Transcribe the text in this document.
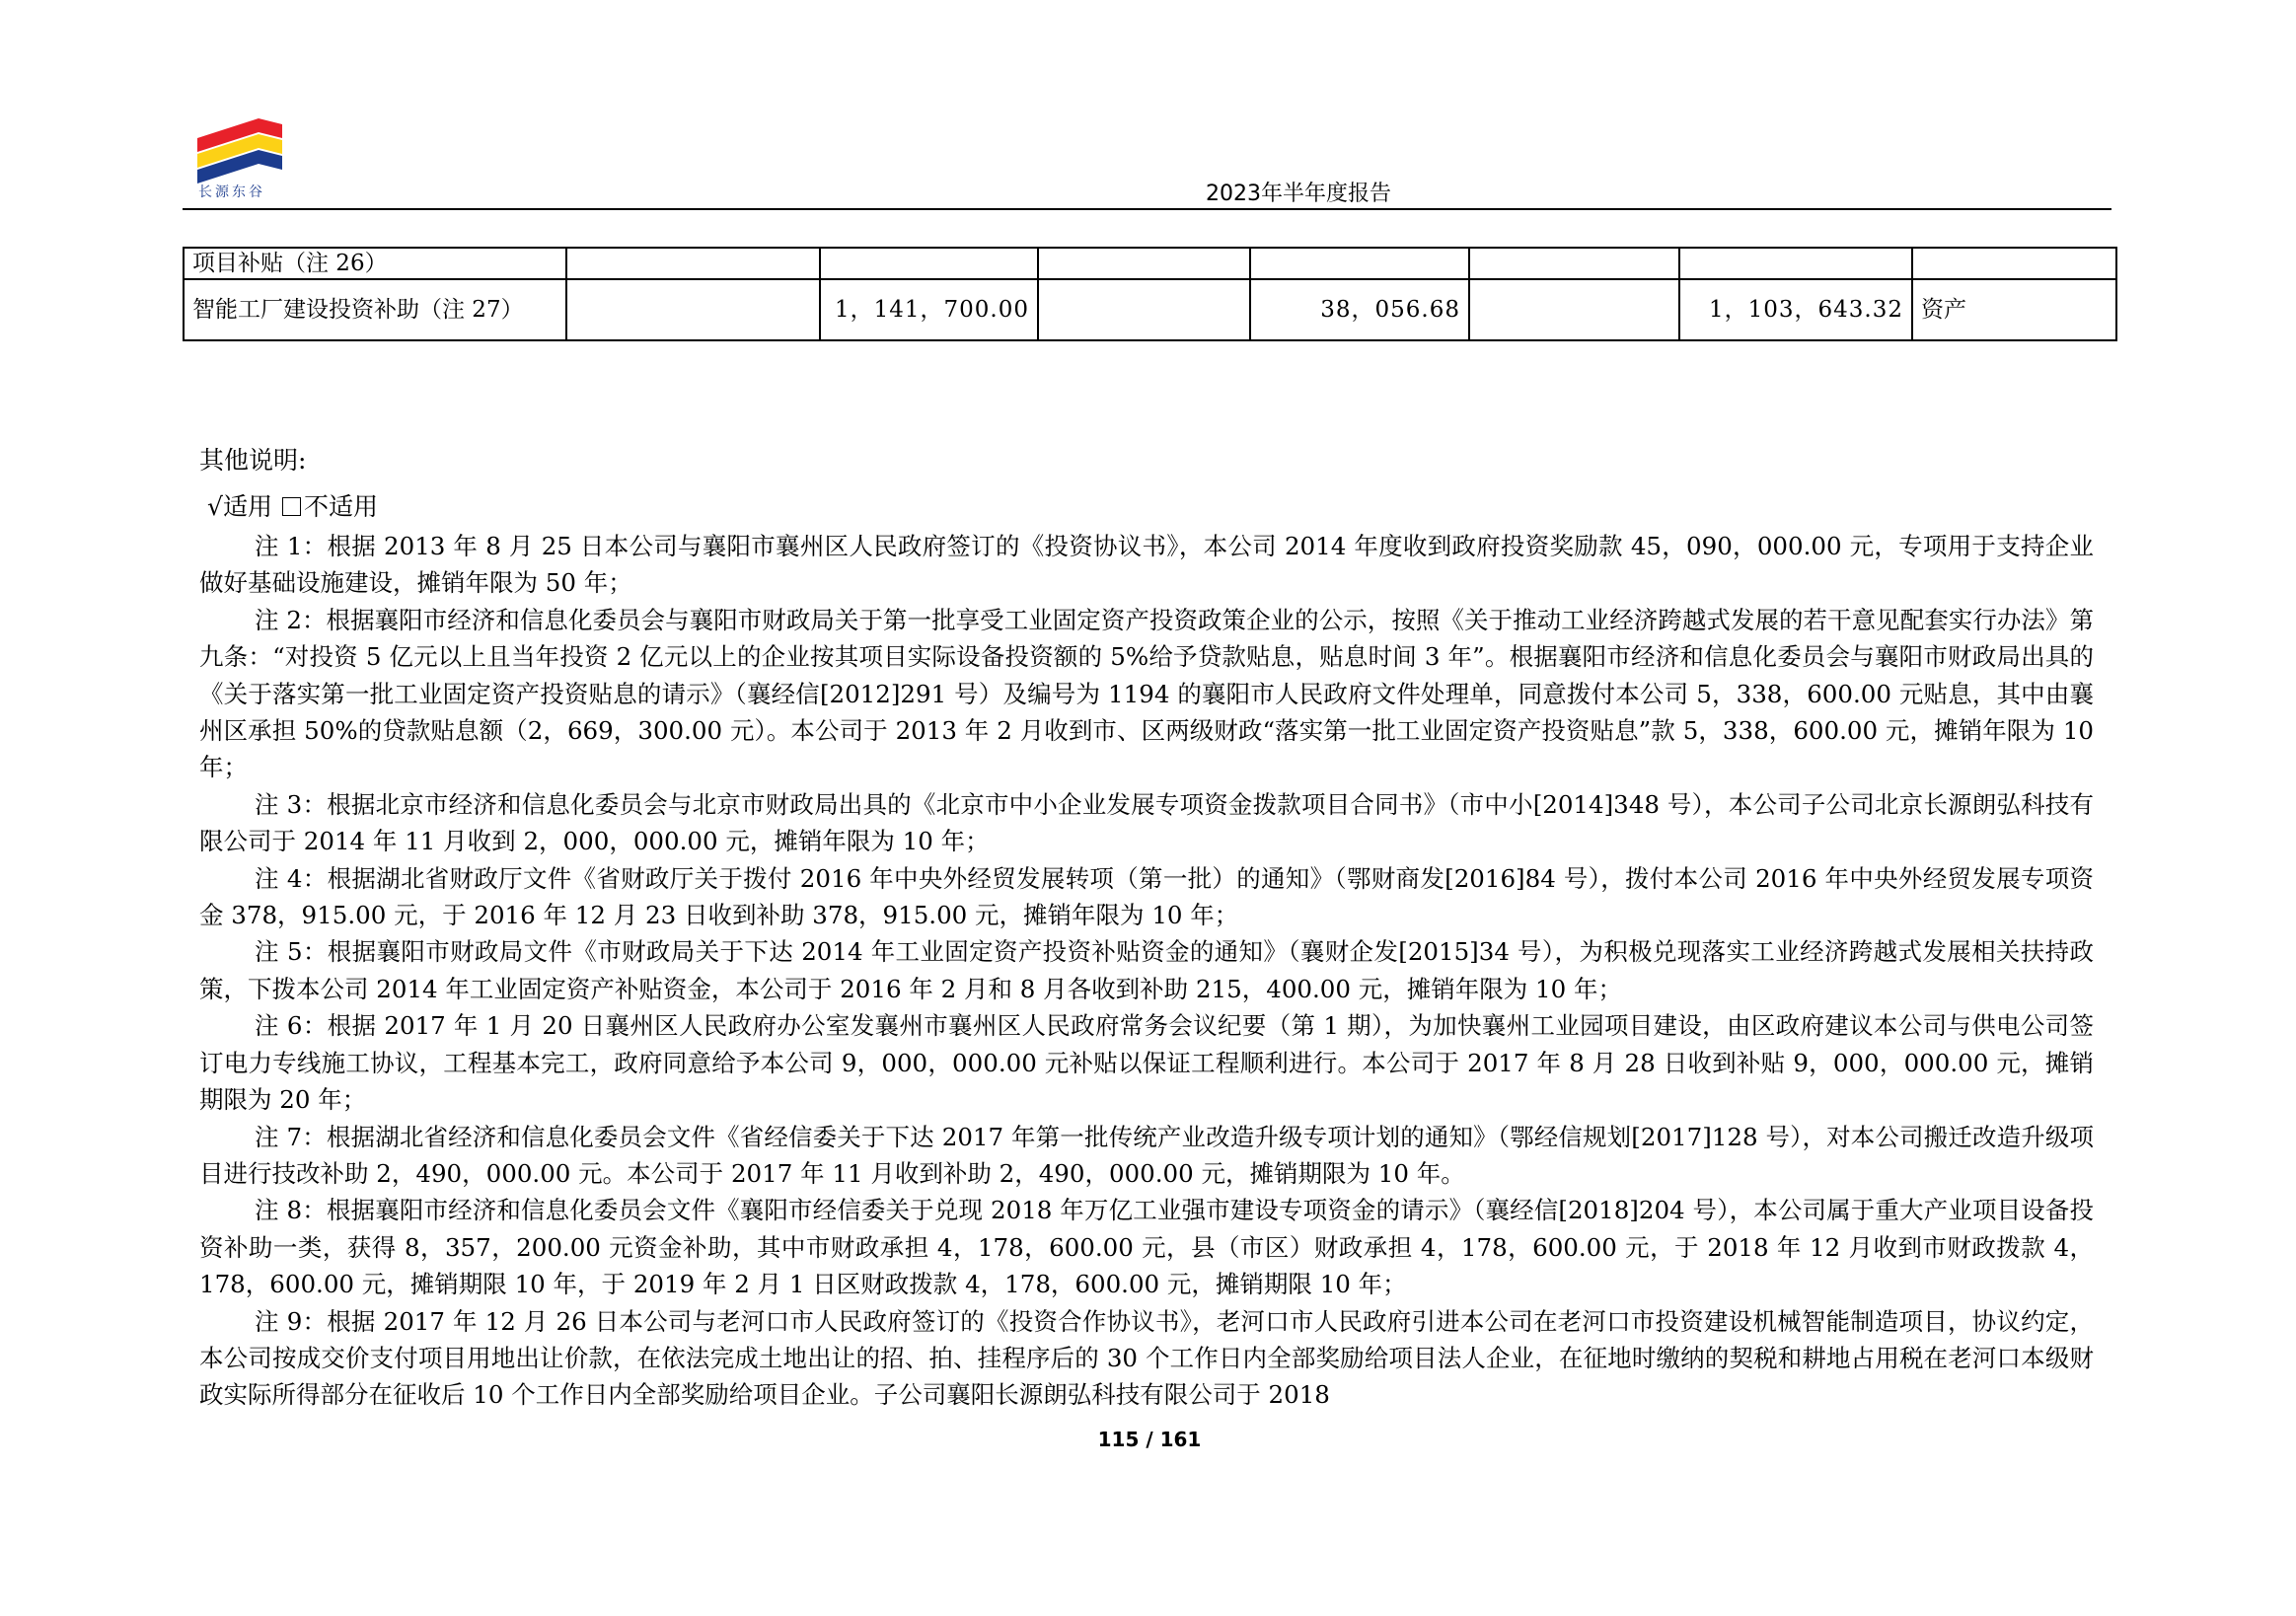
长源东谷	2023年半年度报告
项目补贴（注 26）							
智能工厂建设投资补助（注 27）		1，141，700.00		38，056.68		1，103，643.32	资产
其他说明:
√适用 不适用

注 1：根据 2013 年 8 月 25 日本公司与襄阳市襄州区人民政府签订的《投资协议书》，本公司 2014 年度收到政府投资奖励款 45，090，000.00 元，专项用于支持企业做好基础设施建设，摊销年限为 50 年；

注 2：根据襄阳市经济和信息化委员会与襄阳市财政局关于第一批享受工业固定资产投资政策企业的公示，按照《关于推动工业经济跨越式发展的若干意见配套实行办法》第九条：“对投资 5 亿元以上且当年投资 2 亿元以上的企业按其项目实际设备投资额的 5%给予贷款贴息，贴息时间 3 年”。根据襄阳市经济和信息化委员会与襄阳市财政局出具的《关于落实第一批工业固定资产投资贴息的请示》（襄经信[2012]291 号）及编号为 1194 的襄阳市人民政府文件处理单，同意拨付本公司 5，338，600.00 元贴息，其中由襄州区承担 50%的贷款贴息额（2，669，300.00 元）。本公司于 2013 年 2 月收到市、区两级财政“落实第一批工业固定资产投资贴息”款 5，338，600.00 元，摊销年限为 10 年；

注 3：根据北京市经济和信息化委员会与北京市财政局出具的《北京市中小企业发展专项资金拨款项目合同书》（市中小[2014]348 号），本公司子公司北京长源朗弘科技有限公司于 2014 年 11 月收到 2，000，000.00 元，摊销年限为 10 年；

注 4：根据湖北省财政厅文件《省财政厅关于拨付 2016 年中央外经贸发展转项（第一批）的通知》（鄂财商发[2016]84 号），拨付本公司 2016 年中央外经贸发展专项资金 378，915.00 元，于 2016 年 12 月 23 日收到补助 378，915.00 元，摊销年限为 10 年；

注 5：根据襄阳市财政局文件《市财政局关于下达 2014 年工业固定资产投资补贴资金的通知》（襄财企发[2015]34 号），为积极兑现落实工业经济跨越式发展相关扶持政策，下拨本公司 2014 年工业固定资产补贴资金，本公司于 2016 年 2 月和 8 月各收到补助 215，400.00 元，摊销年限为 10 年；

注 6：根据 2017 年 1 月 20 日襄州区人民政府办公室发襄州市襄州区人民政府常务会议纪要（第 1 期），为加快襄州工业园项目建设，由区政府建议本公司与供电公司签订电力专线施工协议，工程基本完工，政府同意给予本公司 9，000，000.00 元补贴以保证工程顺利进行。本公司于 2017 年 8 月 28 日收到补贴 9，000，000.00 元，摊销期限为 20 年；

注 7：根据湖北省经济和信息化委员会文件《省经信委关于下达 2017 年第一批传统产业改造升级专项计划的通知》（鄂经信规划[2017]128 号），对本公司搬迁改造升级项目进行技改补助 2，490，000.00 元。本公司于 2017 年 11 月收到补助 2，490，000.00 元，摊销期限为 10 年。

注 8：根据襄阳市经济和信息化委员会文件《襄阳市经信委关于兑现 2018 年万亿工业强市建设专项资金的请示》（襄经信[2018]204 号），本公司属于重大产业项目设备投资补助一类，获得 8，357，200.00 元资金补助，其中市财政承担 4，178，600.00 元，县（市区）财政承担 4，178，600.00 元，于 2018 年 12 月收到市财政拨款 4，178，600.00 元，摊销期限 10 年，于 2019 年 2 月 1 日区财政拨款 4，178，600.00 元，摊销期限 10 年；

注 9：根据 2017 年 12 月 26 日本公司与老河口市人民政府签订的《投资合作协议书》，老河口市人民政府引进本公司在老河口市投资建设机械智能制造项目，协议约定，本公司按成交价支付项目用地出让价款，在依法完成土地出让的招、拍、挂程序后的 30 个工作日内全部奖励给项目法人企业，在征地时缴纳的契税和耕地占用税在老河口本级财政实际所得部分在征收后 10 个工作日内全部奖励给项目企业。子公司襄阳长源朗弘科技有限公司于 2018

115 / 161
